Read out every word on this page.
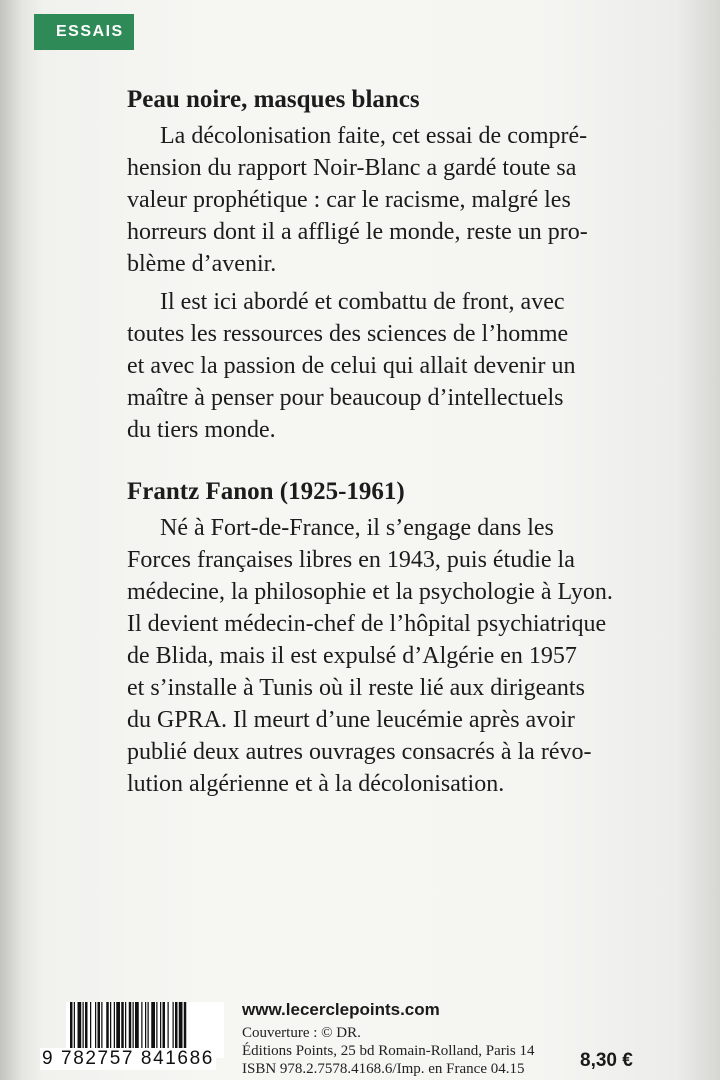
ESSAIS
Peau noire, masques blancs

La décolonisation faite, cet essai de compré-
hension du rapport Noir-Blanc a gardé toute sa
valeur prophétique : car le racisme, malgré les
horreurs dont il a affligé le monde, reste un pro-
blème d’avenir.

Il est ici abordé et combattu de front, avec
toutes les ressources des sciences de l’homme
et avec la passion de celui qui allait devenir un
maître à penser pour beaucoup d’intellectuels
du tiers monde.

Frantz Fanon (1925-1961)

Né à Fort-de-France, il s’engage dans les
Forces françaises libres en 1943, puis étudie la
médecine, la philosophie et la psychologie à Lyon.
Il devient médecin-chef de l’hôpital psychiatrique
de Blida, mais il est expulsé d’Algérie en 1957
et s’installe à Tunis où il reste lié aux dirigeants
du GPRA. Il meurt d’une leucémie après avoir
publié deux autres ouvrages consacrés à la révo-
lution algérienne et à la décolonisation.

9 782757 841686
www.lecerclepoints.com
Couverture : © DR.
Éditions Points, 25 bd Romain-Rolland, Paris 14
ISBN 978.2.7578.4168.6/Imp. en France 04.15	8,30 €
